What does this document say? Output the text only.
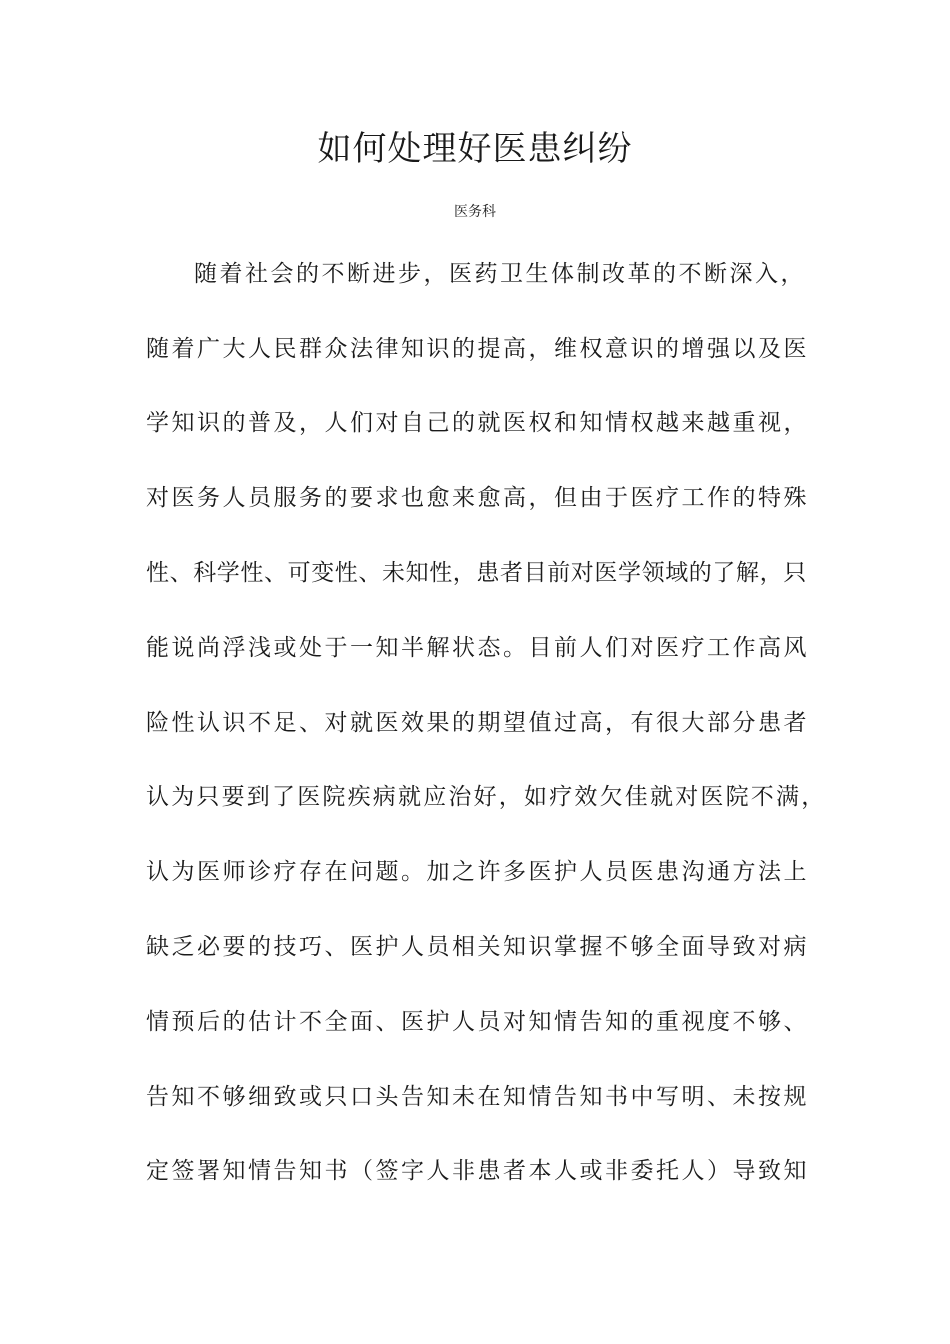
如何处理好医患纠纷

医务科

随着社会的不断进步，医药卫生体制改革的不断深入，

随着广大人民群众法律知识的提高，维权意识的增强以及医

学知识的普及，人们对自己的就医权和知情权越来越重视，

对医务人员服务的要求也愈来愈高，但由于医疗工作的特殊

性、科学性、可变性、未知性，患者目前对医学领域的了解，只

能说尚浮浅或处于一知半解状态。目前人们对医疗工作高风

险性认识不足、对就医效果的期望值过高，有很大部分患者

认为只要到了医院疾病就应治好，如疗效欠佳就对医院不满，

认为医师诊疗存在问题。加之许多医护人员医患沟通方法上

缺乏必要的技巧、医护人员相关知识掌握不够全面导致对病

情预后的估计不全面、医护人员对知情告知的重视度不够、

告知不够细致或只口头告知未在知情告知书中写明、未按规

定签署知情告知书（签字人非患者本人或非委托人）导致知
